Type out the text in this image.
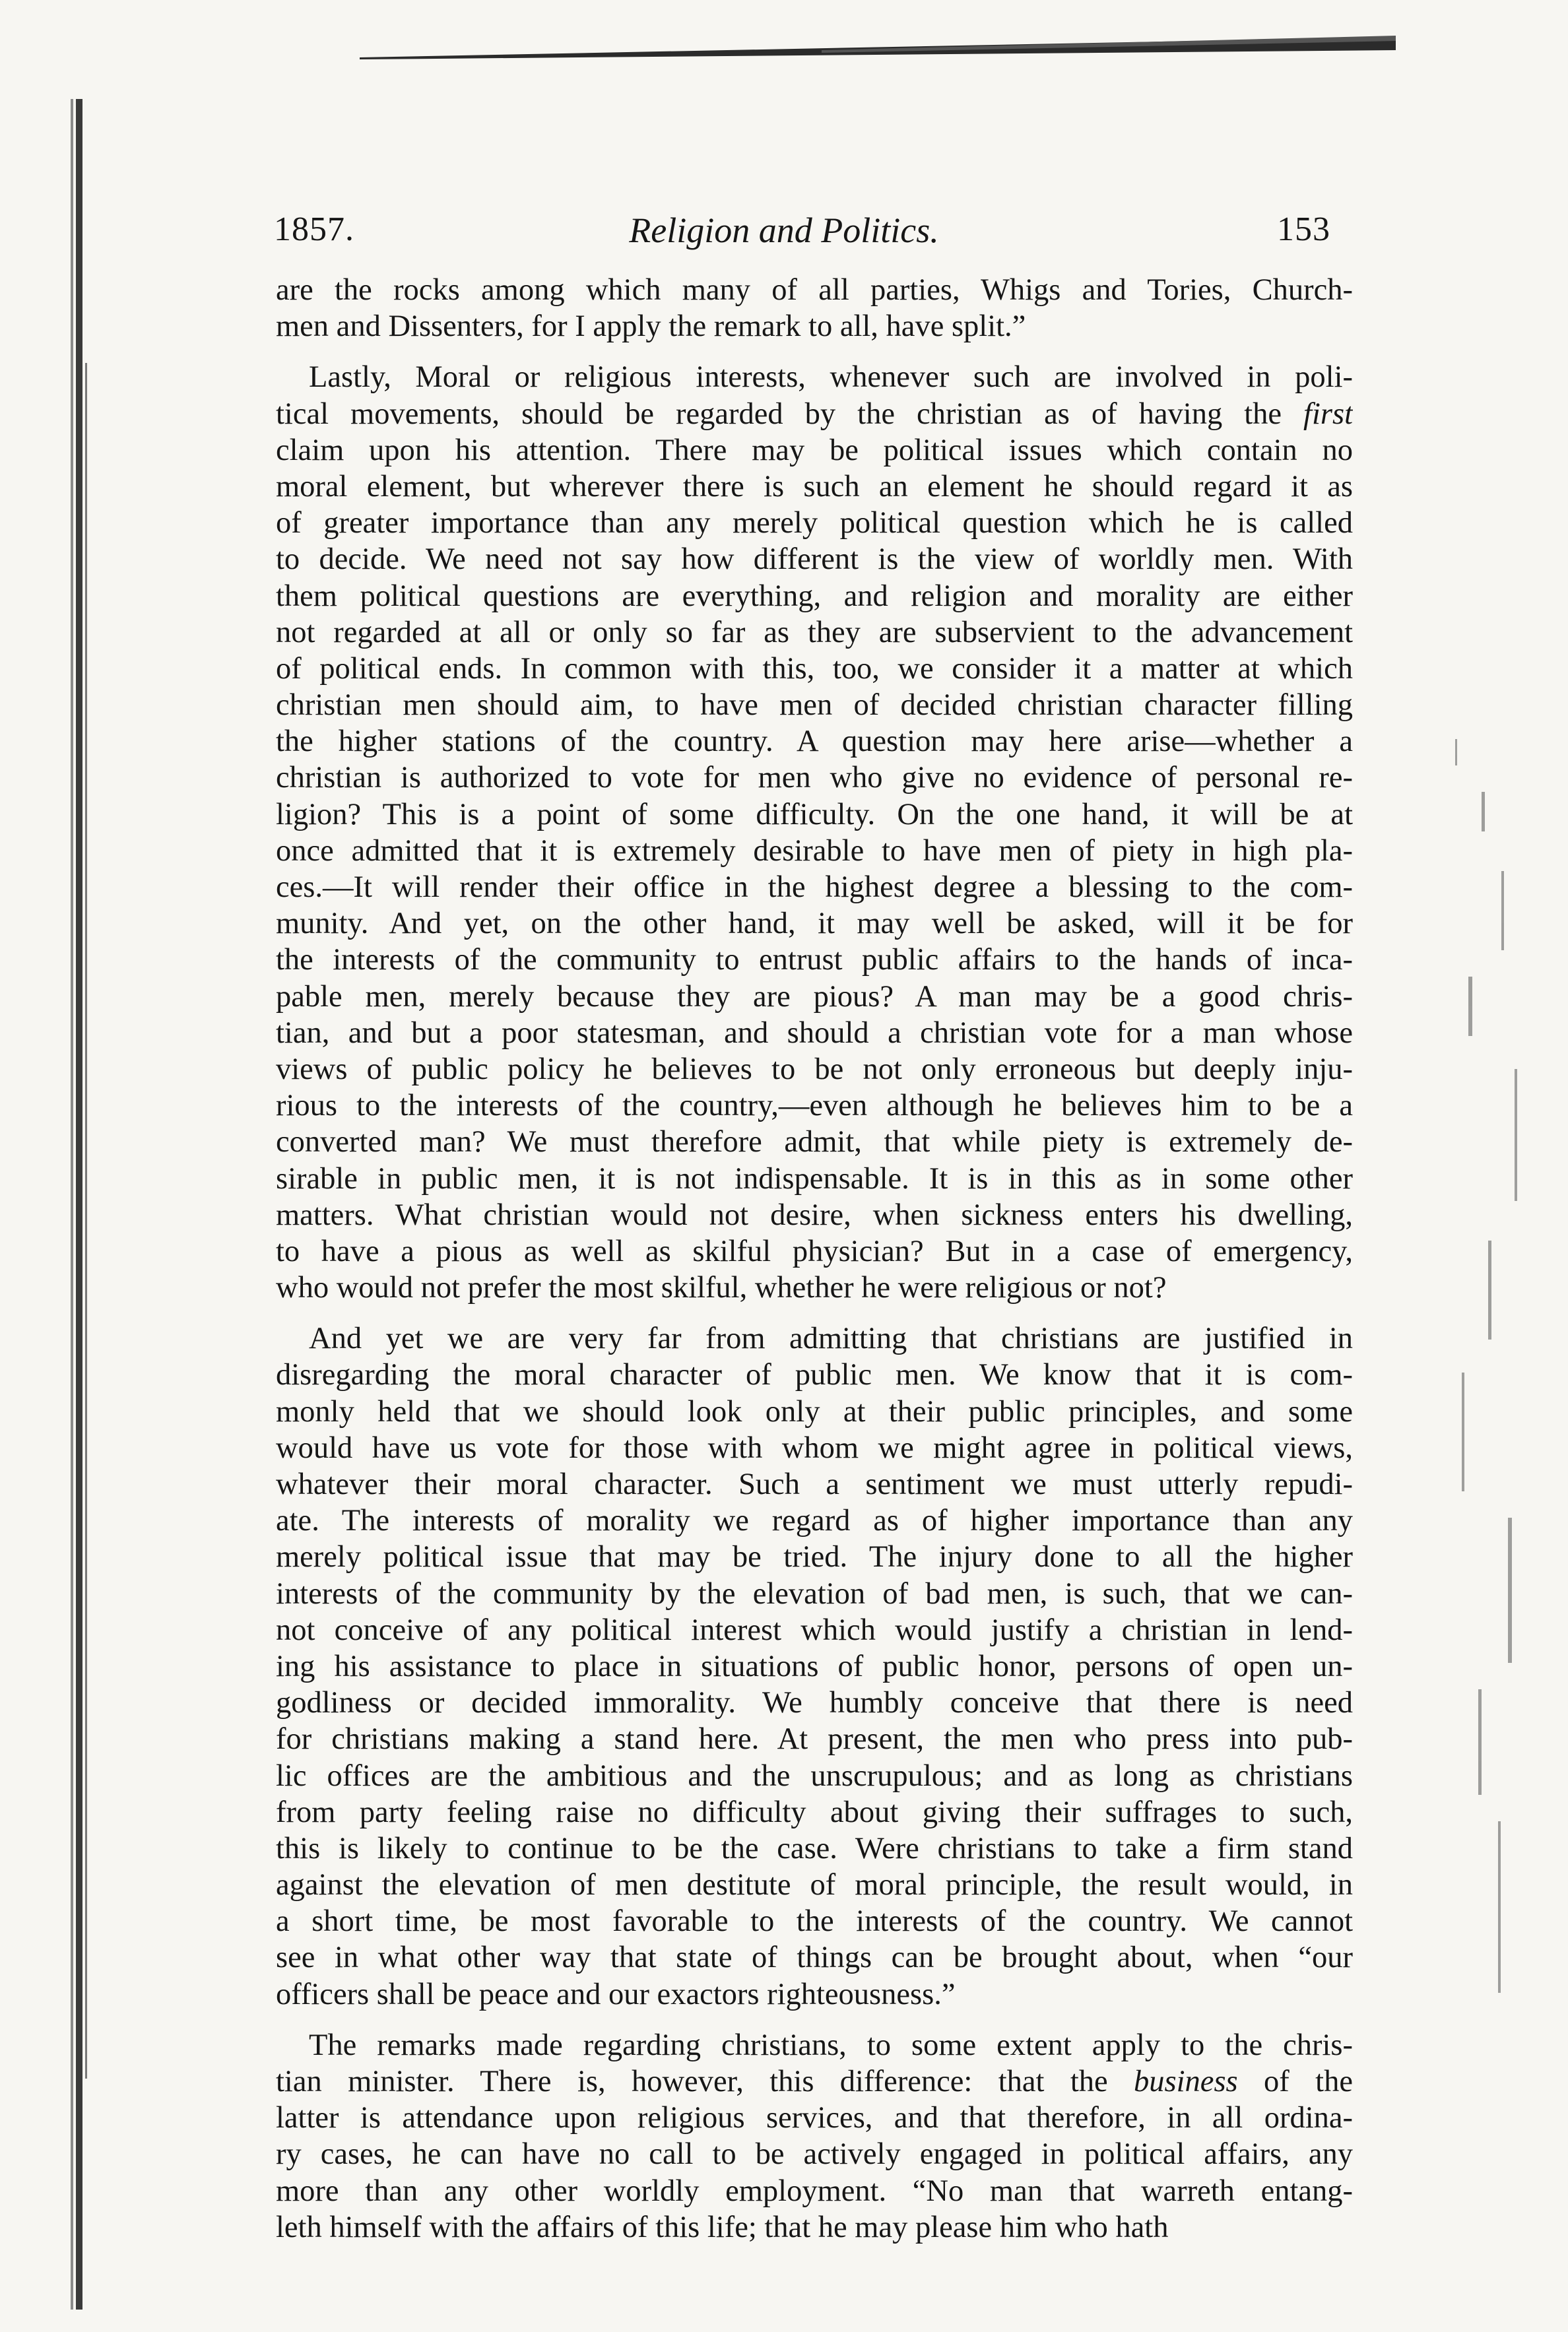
1857.	Religion and Politics.	153
are the rocks among which many of all parties, Whigs and Tories, Church-
men and Dissenters, for I apply the remark to all, have split.”
Lastly, Moral or religious interests, whenever such are involved in poli-
tical movements, should be regarded by the christian as of having the first
claim upon his attention. There may be political issues which contain no
moral element, but wherever there is such an element he should regard it as
of greater importance than any merely political question which he is called
to decide. We need not say how different is the view of worldly men. With
them political questions are everything, and religion and morality are either
not regarded at all or only so far as they are subservient to the advancement
of political ends. In common with this, too, we consider it a matter at which
christian men should aim, to have men of decided christian character filling
the higher stations of the country. A question may here arise—whether a
christian is authorized to vote for men who give no evidence of personal re-
ligion? This is a point of some difficulty. On the one hand, it will be at
once admitted that it is extremely desirable to have men of piety in high pla-
ces.—It will render their office in the highest degree a blessing to the com-
munity. And yet, on the other hand, it may well be asked, will it be for
the interests of the community to entrust public affairs to the hands of inca-
pable men, merely because they are pious? A man may be a good chris-
tian, and but a poor statesman, and should a christian vote for a man whose
views of public policy he believes to be not only erroneous but deeply inju-
rious to the interests of the country,—even although he believes him to be a
converted man? We must therefore admit, that while piety is extremely de-
sirable in public men, it is not indispensable. It is in this as in some other
matters. What christian would not desire, when sickness enters his dwelling,
to have a pious as well as skilful physician? But in a case of emergency,
who would not prefer the most skilful, whether he were religious or not?
And yet we are very far from admitting that christians are justified in
disregarding the moral character of public men. We know that it is com-
monly held that we should look only at their public principles, and some
would have us vote for those with whom we might agree in political views,
whatever their moral character. Such a sentiment we must utterly repudi-
ate. The interests of morality we regard as of higher importance than any
merely political issue that may be tried. The injury done to all the higher
interests of the community by the elevation of bad men, is such, that we can-
not conceive of any political interest which would justify a christian in lend-
ing his assistance to place in situations of public honor, persons of open un-
godliness or decided immorality. We humbly conceive that there is need
for christians making a stand here. At present, the men who press into pub-
lic offices are the ambitious and the unscrupulous; and as long as christians
from party feeling raise no difficulty about giving their suffrages to such,
this is likely to continue to be the case. Were christians to take a firm stand
against the elevation of men destitute of moral principle, the result would, in
a short time, be most favorable to the interests of the country. We cannot
see in what other way that state of things can be brought about, when “our
officers shall be peace and our exactors righteousness.”
The remarks made regarding christians, to some extent apply to the chris-
tian minister. There is, however, this difference: that the business of the
latter is attendance upon religious services, and that therefore, in all ordina-
ry cases, he can have no call to be actively engaged in political affairs, any
more than any other worldly employment. “No man that warreth entang-
leth himself with the affairs of this life; that he may please him who hath
